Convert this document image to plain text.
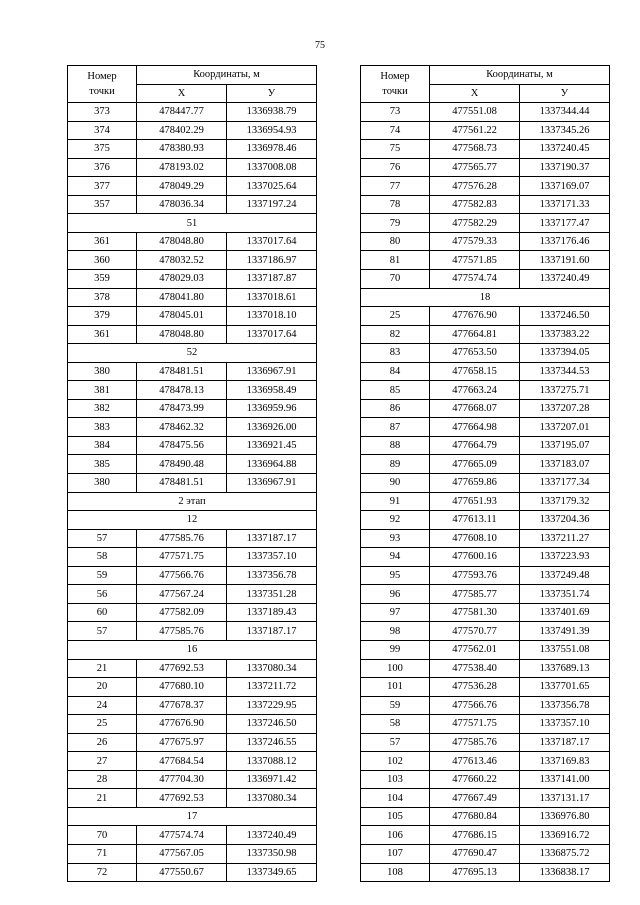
75
Номер
точки	Координаты, м	
	X	У
373	478447.77	1336938.79
374	478402.29	1336954.93
375	478380.93	1336978.46
376	478193.02	1337008.08
377	478049.29	1337025.64
357	478036.34	1337197.24
51		
361	478048.80	1337017.64
360	478032.52	1337186.97
359	478029.03	1337187.87
378	478041.80	1337018.61
379	478045.01	1337018.10
361	478048.80	1337017.64
52		
380	478481.51	1336967.91
381	478478.13	1336958.49
382	478473.99	1336959.96
383	478462.32	1336926.00
384	478475.56	1336921.45
385	478490.48	1336964.88
380	478481.51	1336967.91
2 этап		
12		
57	477585.76	1337187.17
58	477571.75	1337357.10
59	477566.76	1337356.78
56	477567.24	1337351.28
60	477582.09	1337189.43
57	477585.76	1337187.17
16		
21	477692.53	1337080.34
20	477680.10	1337211.72
24	477678.37	1337229.95
25	477676.90	1337246.50
26	477675.97	1337246.55
27	477684.54	1337088.12
28	477704.30	1336971.42
21	477692.53	1337080.34
17		
70	477574.74	1337240.49
71	477567.05	1337350.98
72	477550.67	1337349.65
Номер
точки	Координаты, м	
	X	У
73	477551.08	1337344.44
74	477561.22	1337345.26
75	477568.73	1337240.45
76	477565.77	1337190.37
77	477576.28	1337169.07
78	477582.83	1337171.33
79	477582.29	1337177.47
80	477579.33	1337176.46
81	477571.85	1337191.60
70	477574.74	1337240.49
18		
25	477676.90	1337246.50
82	477664.81	1337383.22
83	477653.50	1337394.05
84	477658.15	1337344.53
85	477663.24	1337275.71
86	477668.07	1337207.28
87	477664.98	1337207.01
88	477664.79	1337195.07
89	477665.09	1337183.07
90	477659.86	1337177.34
91	477651.93	1337179.32
92	477613.11	1337204.36
93	477608.10	1337211.27
94	477600.16	1337223.93
95	477593.76	1337249.48
96	477585.77	1337351.74
97	477581.30	1337401.69
98	477570.77	1337491.39
99	477562.01	1337551.08
100	477538.40	1337689.13
101	477536.28	1337701.65
59	477566.76	1337356.78
58	477571.75	1337357.10
57	477585.76	1337187.17
102	477613.46	1337169.83
103	477660.22	1337141.00
104	477667.49	1337131.17
105	477680.84	1336976.80
106	477686.15	1336916.72
107	477690.47	1336875.72
108	477695.13	1336838.17
